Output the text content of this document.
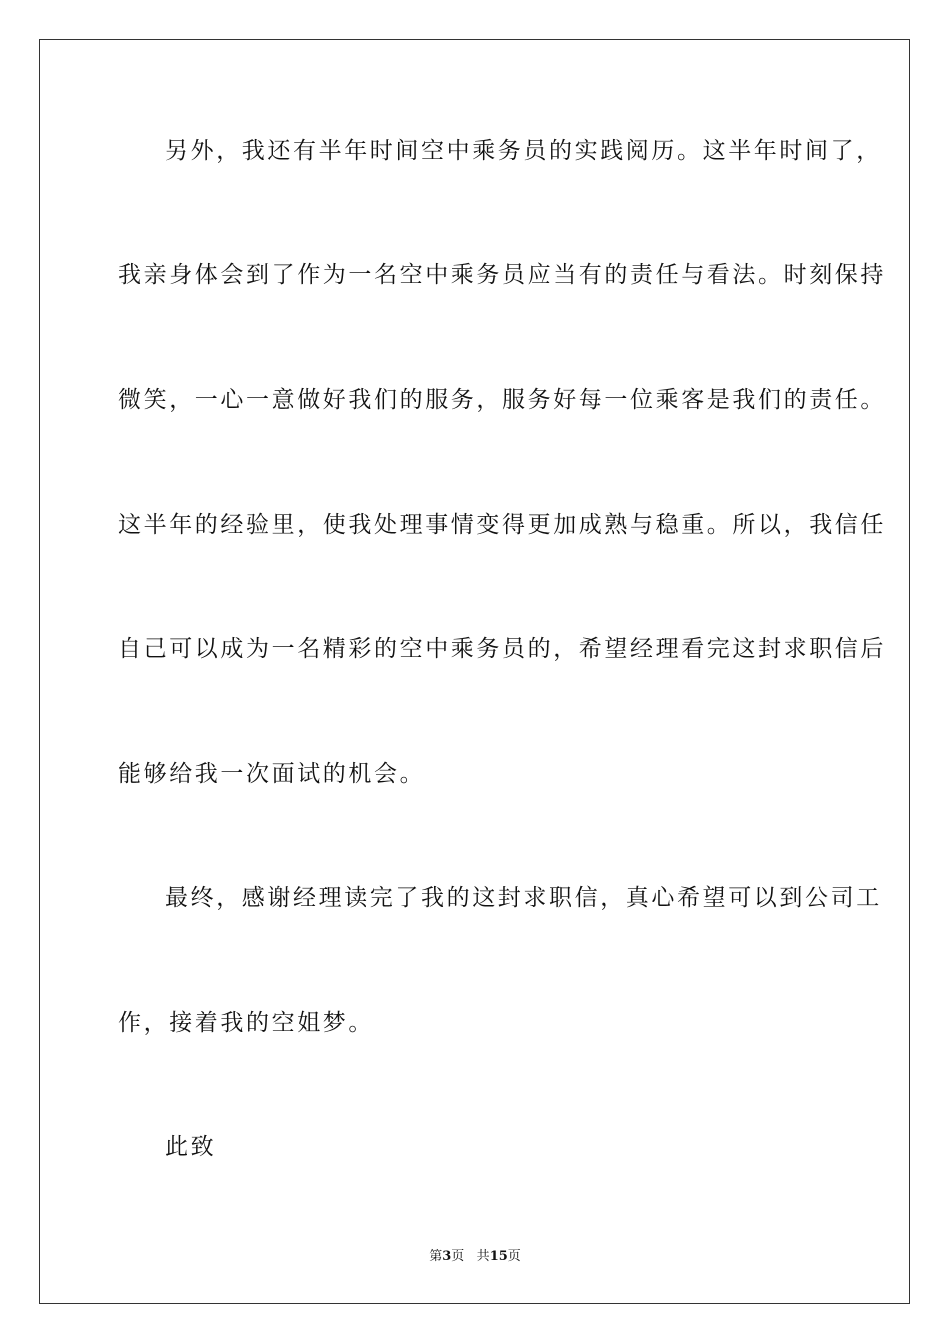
另外，我还有半年时间空中乘务员的实践阅历。这半年时间了，
我亲身体会到了作为一名空中乘务员应当有的责任与看法。时刻保持
微笑，一心一意做好我们的服务，服务好每一位乘客是我们的责任。
这半年的经验里，使我处理事情变得更加成熟与稳重。所以，我信任
自己可以成为一名精彩的空中乘务员的，希望经理看完这封求职信后
能够给我一次面试的机会。
最终，感谢经理读完了我的这封求职信，真心希望可以到公司工
作，接着我的空姐梦。
此致
第3页 共15页
